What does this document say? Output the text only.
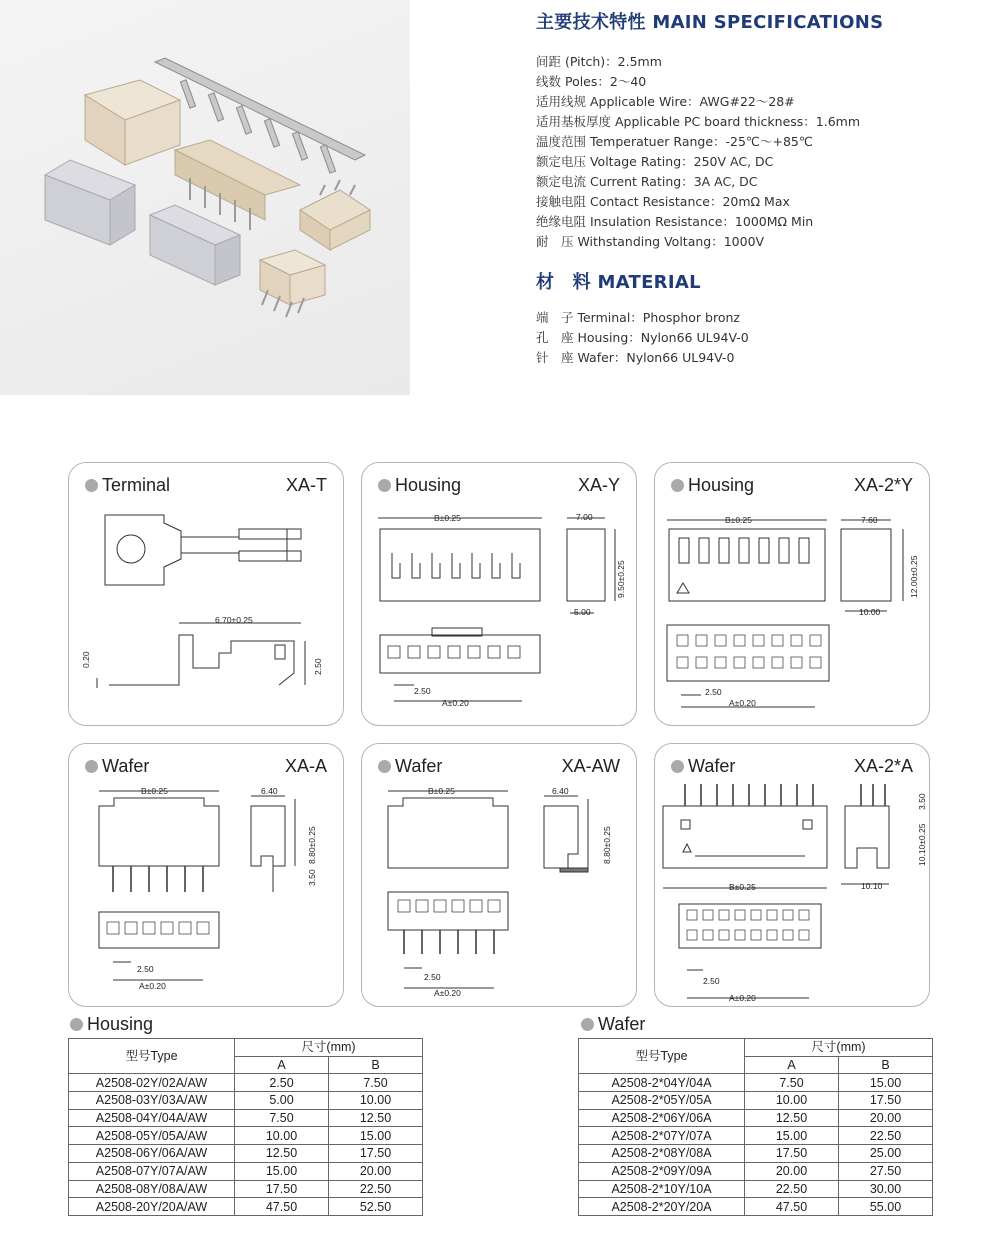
主要技术特性 MAIN SPECIFICATIONS
间距 (Pitch)：2.5mm
线数 Poles：2～40
适用线规 Applicable Wire：AWG#22～28#
适用基板厚度 Applicable PC board thickness：1.6mm
温度范围 Temperatuer Range：-25℃～+85℃
额定电压 Voltage Rating：250V AC, DC
额定电流 Current Rating：3A AC, DC
接触电阻 Contact Resistance：20mΩ Max
绝缘电阻 Insulation Resistance：1000MΩ Min
耐　压 Withstanding Voltang：1000V
材　料 MATERIAL
端　子 Terminal：Phosphor bronz
孔　座 Housing：Nylon66 UL94V-0
针　座 Wafer：Nylon66 UL94V-0
Terminal	XA-T
6.70±0.25
0.20	2.50
Housing	XA-Y
B±0.25	7.00
9.50±0.25
5.00
2.50
A±0.20
Housing	XA-2*Y
B±0.25	7.60
12.00±0.25
10.00
2.50
A±0.20
Wafer	XA-A
B±0.25	6.40
8.80±0.25
3.50
2.50
A±0.20
Wafer	XA-AW
B±0.25	6.40
8.80±0.25
2.50
A±0.20
Wafer	XA-2*A
10.10±0.25
3.50
B±0.25	10.10
2.50
A±0.20
Housing
型号Type	尺寸(mm)	
	A	B
A2508-02Y/02A/AW	2.50	7.50
A2508-03Y/03A/AW	5.00	10.00
A2508-04Y/04A/AW	7.50	12.50
A2508-05Y/05A/AW	10.00	15.00
A2508-06Y/06A/AW	12.50	17.50
A2508-07Y/07A/AW	15.00	20.00
A2508-08Y/08A/AW	17.50	22.50
A2508-20Y/20A/AW	47.50	52.50
Wafer
型号Type	尺寸(mm)	
	A	B
A2508-2*04Y/04A	7.50	15.00
A2508-2*05Y/05A	10.00	17.50
A2508-2*06Y/06A	12.50	20.00
A2508-2*07Y/07A	15.00	22.50
A2508-2*08Y/08A	17.50	25.00
A2508-2*09Y/09A	20.00	27.50
A2508-2*10Y/10A	22.50	30.00
A2508-2*20Y/20A	47.50	55.00
